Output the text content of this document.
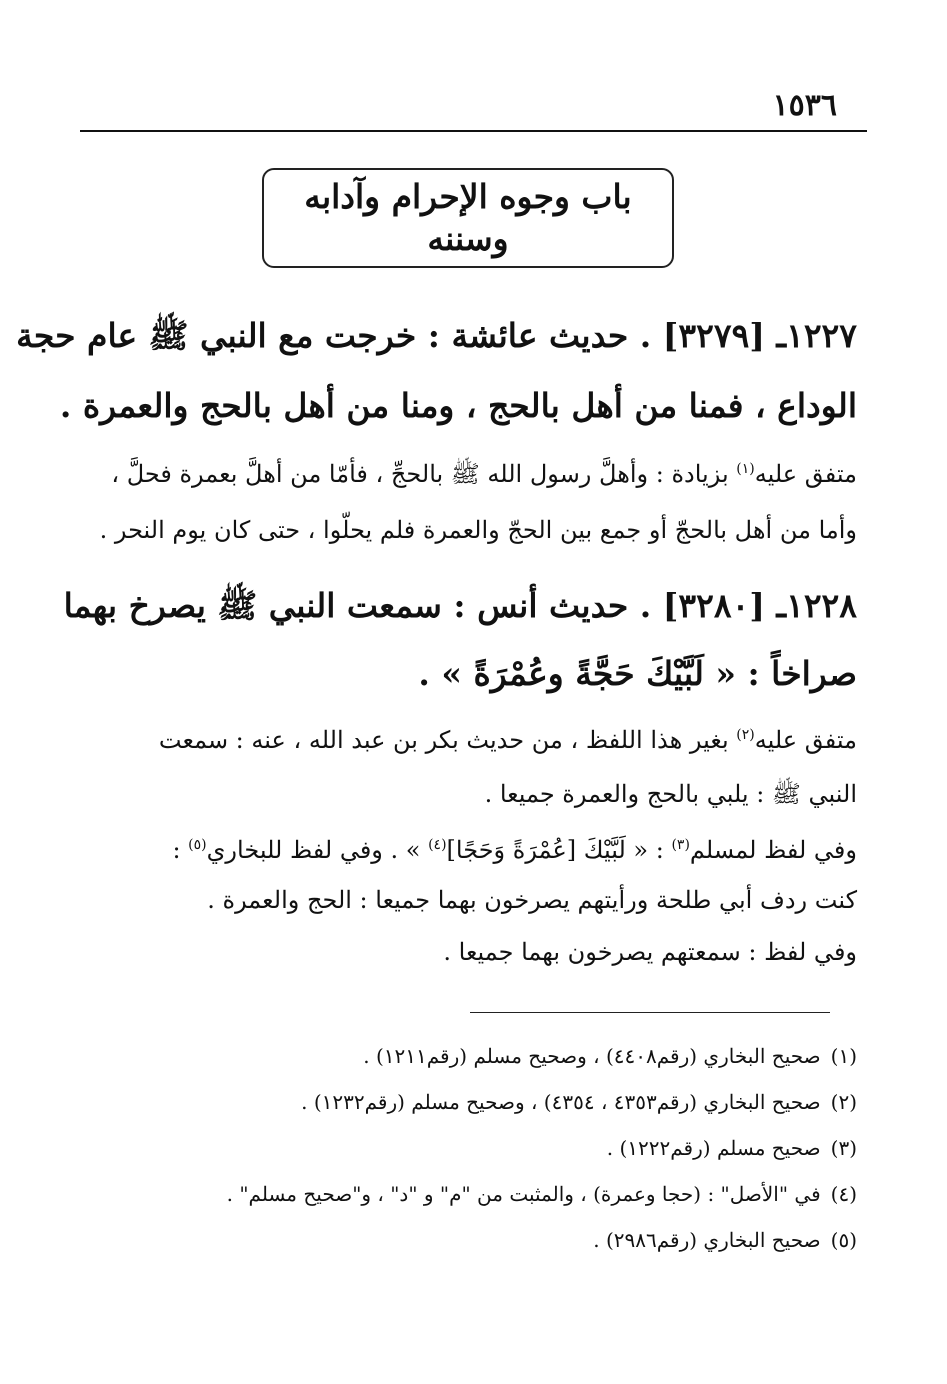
١٥٣٦
باب وجوه الإحرام وآدابه
وسننه
١٢٢٧ـ [٣٢٧٩] . حديث عائشة : خرجت مع النبي ﷺ عام حجة
الوداع ، فمنا من أهل بالحج ، ومنا من أهل بالحج والعمرة .
متفق عليه$^{(١)}$ بزيادة : وأهلَّ رسول الله ﷺ بالحجِّ ، فأمّا من أهلَّ بعمرة فحلَّ ،
وأما من أهل بالحجّ أو جمع بين الحجّ والعمرة فلم يحلّوا ، حتى كان يوم النحر .
١٢٢٨ـ [٣٢٨٠] . حديث أنس : سمعت النبي ﷺ يصرخ بهما
صراخاً : « لَبَّيْكَ حَجَّةً وعُمْرَةً » .
متفق عليه$^{(٢)}$ بغير هذا اللفظ ، من حديث بكر بن عبد الله ، عنه : سمعت
النبي ﷺ : يلبي بالحج والعمرة جميعا .
وفي لفظ لمسلم$^{(٣)}$ : « لَبَّيْكَ [عُمْرَةً وَحَجًا]$^{(٤)}$ » . وفي لفظ للبخاري$^{(٥)}$ :
كنت ردف أبي طلحة ورأيتهم يصرخون بهما جميعا : الحج والعمرة .
وفي لفظ : سمعتهم يصرخون بهما جميعا .
(١)صحيح البخاري (رقم٤٤٠٨) ، وصحيح مسلم (رقم١٢١١) .
(٢)صحيح البخاري (رقم٤٣٥٣ ، ٤٣٥٤) ، وصحيح مسلم (رقم١٢٣٢) .
(٣)صحيح مسلم (رقم١٢٢٢) .
(٤)في "الأصل" : (حجا وعمرة) ، والمثبت من "م" و "د" ، و"صحيح مسلم" .
(٥)صحيح البخاري (رقم٢٩٨٦) .
